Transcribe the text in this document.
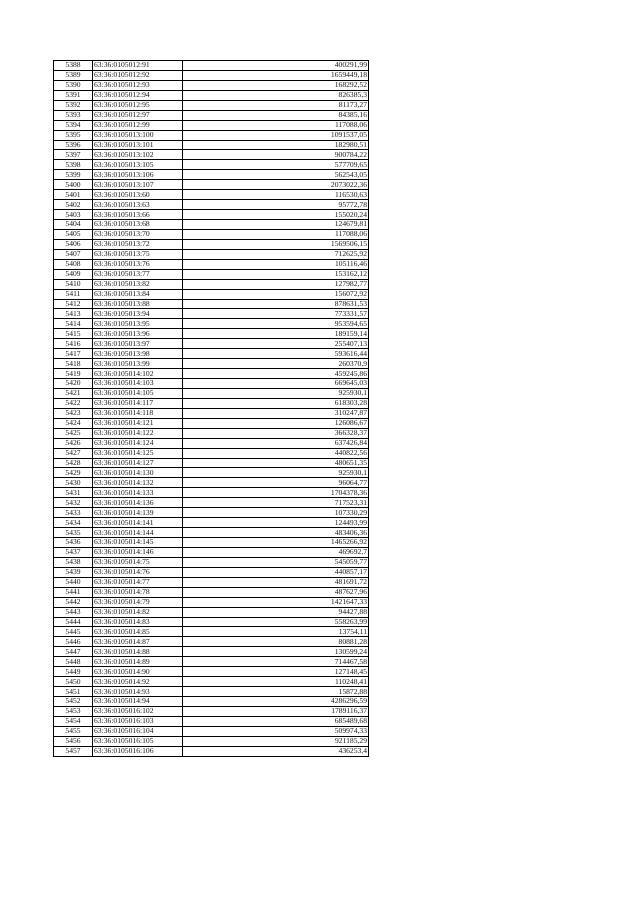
5388	63:36:0105012:91	400291,99
5389	63:36:0105012:92	1659449,18
5390	63:36:0105012:93	168292,52
5391	63:36:0105012:94	826385,3
5392	63:36:0105012:95	81173,27
5393	63:36:0105012:97	84385,16
5394	63:36:0105012:99	117088,06
5395	63:36:0105013:100	1091537,05
5396	63:36:0105013:101	182980,51
5397	63:36:0105013:102	900784,22
5398	63:36:0105013:105	577709,65
5399	63:36:0105013:106	562543,05
5400	63:36:0105013:107	2073022,36
5401	63:36:0105013:60	116530,63
5402	63:36:0105013:63	95772,78
5403	63:36:0105013:66	155020,24
5404	63:36:0105013:68	124679,81
5405	63:36:0105013:70	117088,06
5406	63:36:0105013:72	1569506,15
5407	63:36:0105013:75	712625,92
5408	63:36:0105013:76	105116,46
5409	63:36:0105013:77	153162,12
5410	63:36:0105013:82	127982,77
5411	63:36:0105013:84	156072,92
5412	63:36:0105013:88	878631,53
5413	63:36:0105013:94	773331,57
5414	63:36:0105013:95	953594,65
5415	63:36:0105013:96	189159,14
5416	63:36:0105013:97	255407,13
5417	63:36:0105013:98	593616,44
5418	63:36:0105013:99	260370,9
5419	63:36:0105014:102	459245,86
5420	63:36:0105014:103	669645,03
5421	63:36:0105014:105	925930,1
5422	63:36:0105014:117	618303,28
5423	63:36:0105014:118	310247,87
5424	63:36:0105014:121	126086,67
5425	63:36:0105014:122	366328,37
5426	63:36:0105014:124	637426,84
5427	63:36:0105014:125	440822,56
5428	63:36:0105014:127	480651,35
5429	63:36:0105014:130	925930,1
5430	63:36:0105014:132	96064,77
5431	63:36:0105014:133	1704378,36
5432	63:36:0105014:136	717523,31
5433	63:36:0105014:139	107330,29
5434	63:36:0105014:141	124493,99
5435	63:36:0105014:144	483406,36
5436	63:36:0105014:145	1465266,92
5437	63:36:0105014:146	469692,7
5438	63:36:0105014:75	545059,77
5439	63:36:0105014:76	440857,17
5440	63:36:0105014:77	481691,72
5441	63:36:0105014:78	487627,96
5442	63:36:0105014:79	1421647,33
5443	63:36:0105014:82	94427,88
5444	63:36:0105014:83	558263,99
5445	63:36:0105014:85	13754,11
5446	63:36:0105014:87	80881,28
5447	63:36:0105014:88	130599,24
5448	63:36:0105014:89	714467,58
5449	63:36:0105014:90	127148,45
5450	63:36:0105014:92	110248,41
5451	63:36:0105014:93	15872,88
5452	63:36:0105014:94	4286296,59
5453	63:36:0105016:102	1789116,37
5454	63:36:0105016:103	685489,68
5455	63:36:0105016:104	509974,33
5456	63:36:0105016:105	921185,29
5457	63:36:0105016:106	436253,4
